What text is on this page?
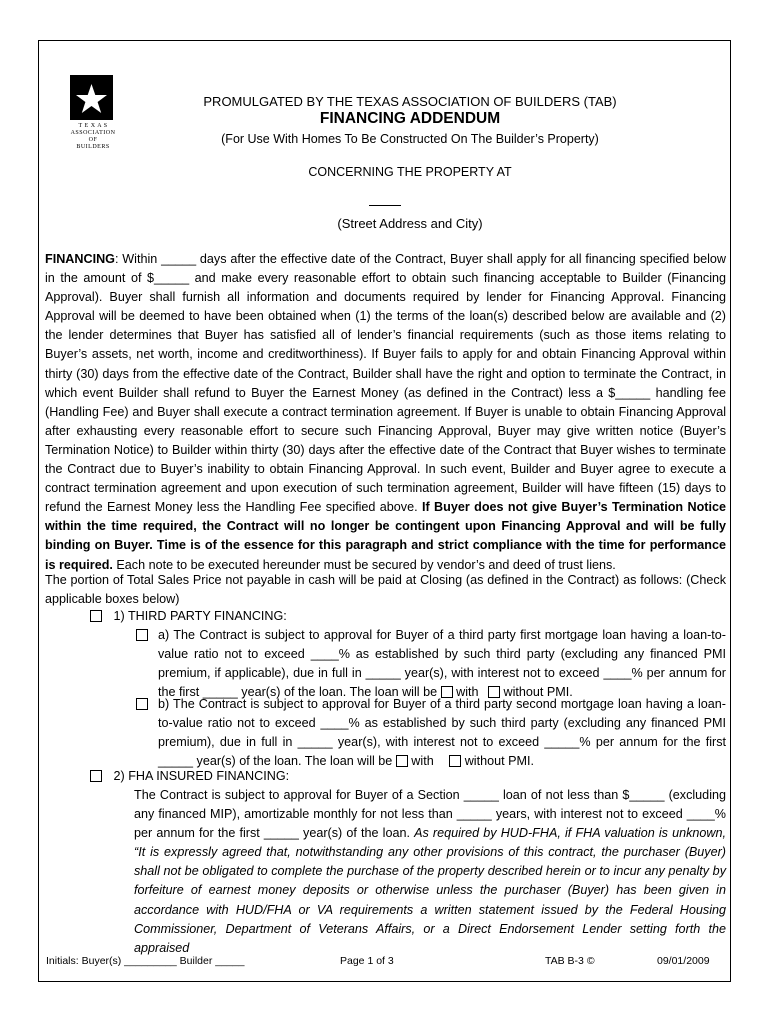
T E X A S
ASSOCIATION
OF
BUILDERS
PROMULGATED BY THE TEXAS ASSOCIATION OF BUILDERS (TAB)
FINANCING ADDENDUM
(For Use With Homes To Be Constructed On The Builder’s Property)
CONCERNING THE PROPERTY AT
(Street Address and City)

FINANCING: Within _____ days after the effective date of the Contract, Buyer shall apply for all financing specified below in the amount of $_____ and make every reasonable effort to obtain such financing acceptable to Builder (Financing Approval). Buyer shall furnish all information and documents required by lender for Financing Approval. Financing Approval will be deemed to have been obtained when (1) the terms of the loan(s) described below are available and (2) the lender determines that Buyer has satisfied all of lender’s financial requirements (such as those items relating to Buyer’s assets, net worth, income and creditworthiness). If Buyer fails to apply for and obtain Financing Approval within thirty (30) days from the effective date of the Contract, Builder shall have the right and option to terminate the Contract, in which event Builder shall refund to Buyer the Earnest Money (as defined in the Contract) less a $_____ handling fee (Handling Fee) and Buyer shall execute a contract termination agreement. If Buyer is unable to obtain Financing Approval after exhausting every reasonable effort to secure such Financing Approval, Buyer may give written notice (Buyer’s Termination Notice) to Builder within thirty (30) days after the effective date of the Contract that Buyer wishes to terminate the Contract due to Buyer’s inability to obtain Financing Approval. In such event, Builder and Buyer agree to execute a contract termination agreement and upon execution of such termination agreement, Builder will have fifteen (15) days to refund the Earnest Money less the Handling Fee specified above. If Buyer does not give Buyer’s Termination Notice within the time required, the Contract will no longer be contingent upon Financing Approval and will be fully binding on Buyer. Time is of the essence for this paragraph and strict compliance with the time for performance is required. Each note to be executed hereunder must be secured by vendor’s and deed of trust liens.

The portion of Total Sales Price not payable in cash will be paid at Closing (as defined in the Contract) as follows: (Check applicable boxes below)

1) THIRD PARTY FINANCING:

a) The Contract is subject to approval for Buyer of a third party first mortgage loan having a loan-to-value ratio not to exceed ____% as established by such third party (excluding any financed PMI premium, if applicable), due in full in _____ year(s), with interest not to exceed ____% per annum for the first _____ year(s) of the loan. The loan will be with without PMI.

b) The Contract is subject to approval for Buyer of a third party second mortgage loan having a loan-to-value ratio not to exceed ____% as established by such third party (excluding any financed PMI premium), due in full in _____ year(s), with interest not to exceed _____% per annum for the first _____ year(s) of the loan. The loan will be with without PMI.

2) FHA INSURED FINANCING:

The Contract is subject to approval for Buyer of a Section _____ loan of not less than $_____ (excluding any financed MIP), amortizable monthly for not less than _____ years, with interest not to exceed ____% per annum for the first _____ year(s) of the loan. As required by HUD-FHA, if FHA valuation is unknown, “It is expressly agreed that, notwithstanding any other provisions of this contract, the purchaser (Buyer) shall not be obligated to complete the purchase of the property described herein or to incur any penalty by forfeiture of earnest money deposits or otherwise unless the purchaser (Buyer) has been given in accordance with HUD/FHA or VA requirements a written statement issued by the Federal Housing Commissioner, Department of Veterans Affairs, or a Direct Endorsement Lender setting forth the appraised

Initials: Buyer(s) _________ Builder _____	Page 1 of 3	TAB B-3 ©	09/01/2009
